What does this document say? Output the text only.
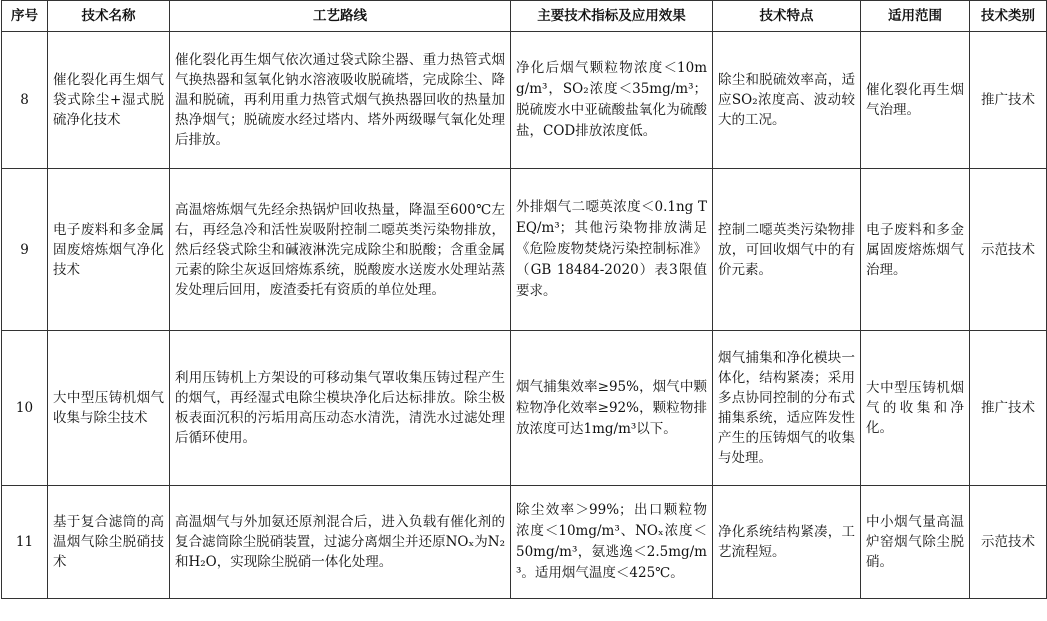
序号	技术名称	工艺路线	主要技术指标及应用效果	技术特点	适用范围	技术类别
8	催化裂化再生烟气袋式除尘+湿式脱硫净化技术	催化裂化再生烟气依次通过袋式除尘器、重力热管式烟气换热器和氢氧化钠水溶液吸收脱硫塔，完成除尘、降温和脱硫，再利用重力热管式烟气换热器回收的热量加热净烟气；脱硫废水经过塔内、塔外两级曝气氧化处理后排放。	净化后烟气颗粒物浓度＜10mg/m³，SO₂浓度＜35mg/m³；脱硫废水中亚硫酸盐氧化为硫酸盐，COD排放浓度低。	除尘和脱硫效率高，适应SO₂浓度高、波动较大的工况。	催化裂化再生烟气治理。	推广技术
9	电子废料和多金属固废熔炼烟气净化技术	高温熔炼烟气先经余热锅炉回收热量，降温至600℃左右，再经急冷和活性炭吸附控制二噁英类污染物排放，然后经袋式除尘和碱液淋洗完成除尘和脱酸；含重金属元素的除尘灰返回熔炼系统，脱酸废水送废水处理站蒸发处理后回用，废渣委托有资质的单位处理。	外排烟气二噁英浓度＜0.1ng TEQ/m³；其他污染物排放满足《危险废物焚烧污染控制标准》（GB 18484-2020）表3限值要求。	控制二噁英类污染物排放，可回收烟气中的有价元素。	电子废料和多金属固废熔炼烟气治理。	示范技术
10	大中型压铸机烟气收集与除尘技术	利用压铸机上方架设的可移动集气罩收集压铸过程产生的烟气，再经湿式电除尘模块净化后达标排放。除尘极板表面沉积的污垢用高压动态水清洗，清洗水过滤处理后循环使用。	烟气捕集效率≥95%，烟气中颗粒物净化效率≥92%，颗粒物排放浓度可达1mg/m³以下。	烟气捕集和净化模块一体化，结构紧凑；采用多点协同控制的分布式捕集系统，适应阵发性产生的压铸烟气的收集与处理。	大中型压铸机烟气的收集和净化。	推广技术
11	基于复合滤筒的高温烟气除尘脱硝技术	高温烟气与外加氨还原剂混合后，进入负载有催化剂的复合滤筒除尘脱硝装置，过滤分离烟尘并还原NOₓ为N₂和H₂O，实现除尘脱硝一体化处理。	除尘效率＞99%；出口颗粒物浓度＜10mg/m³、NOₓ浓度＜50mg/m³，氨逃逸＜2.5mg/m³。适用烟气温度＜425℃。	净化系统结构紧凑，工艺流程短。	中小烟气量高温炉窑烟气除尘脱硝。	示范技术
